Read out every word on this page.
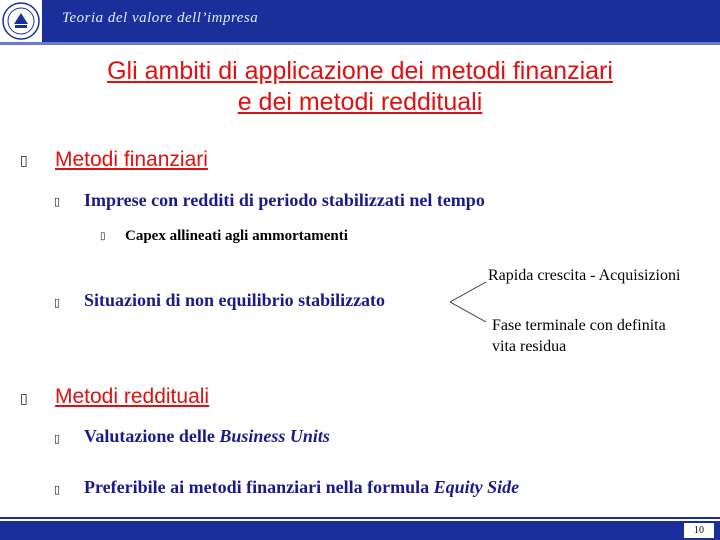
Teoria del valore dell’impresa
Gli ambiti di applicazione dei metodi finanziari
e dei metodi reddituali
▯ Metodi finanziari
▯ Imprese con redditi di periodo stabilizzati nel tempo
▯ Capex allineati agli ammortamenti
▯ Situazioni di non equilibrio stabilizzato
Rapida crescita - Acquisizioni
Fase terminale con definita
vita residua
▯ Metodi reddituali
▯ Valutazione delle Business Units
▯ Preferibile ai metodi finanziari nella formula Equity Side
10
